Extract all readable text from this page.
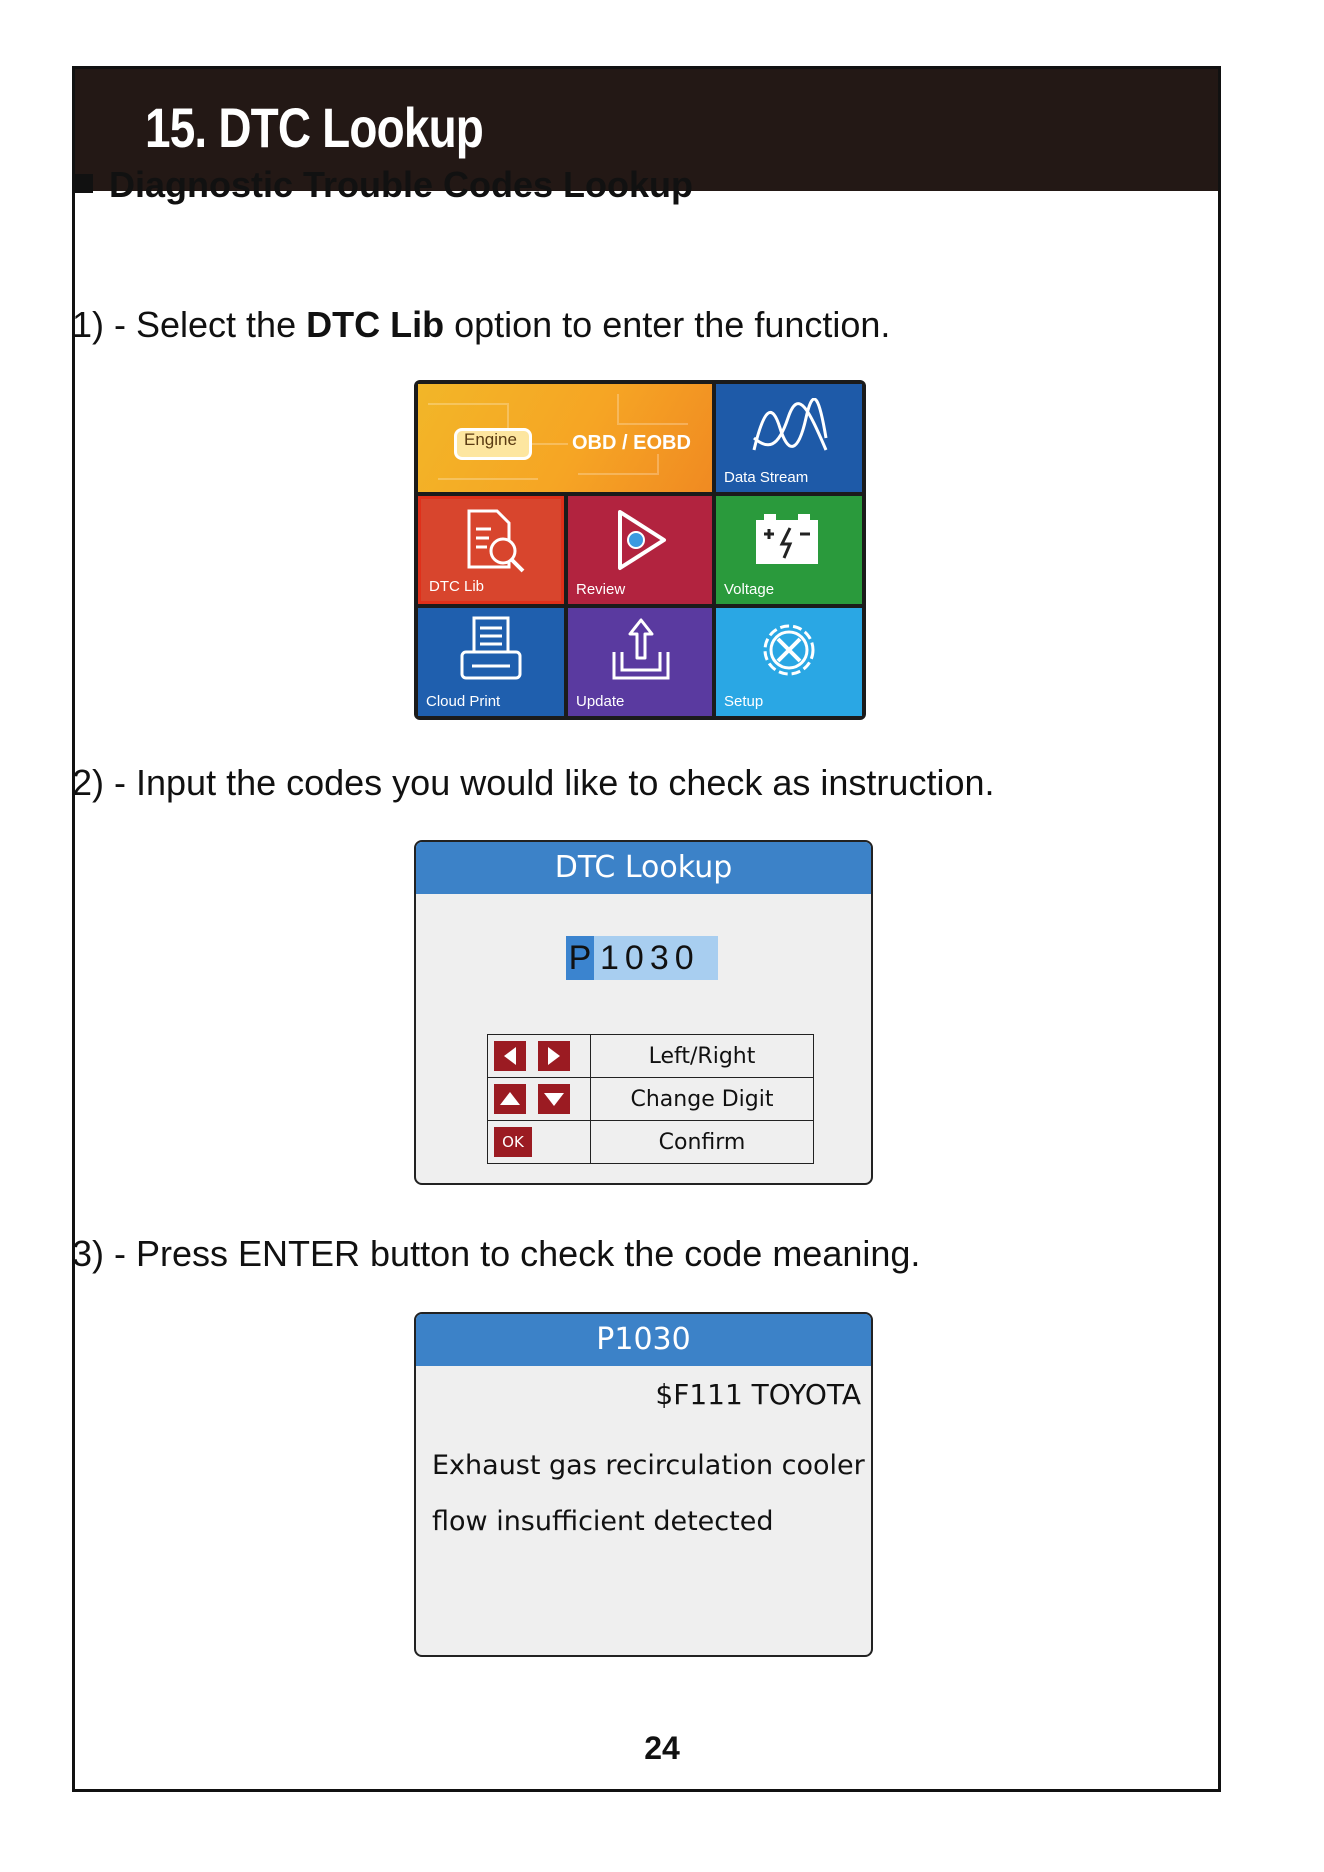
15. DTC Lookup
Diagnostic Trouble Codes Lookup
1) - Select the DTC Lib option to enter the function.
Engine	OBD / EOBD
Data Stream
DTC Lib	Review	Voltage
Cloud Print	Update	Setup
2) - Input the codes you would like to check as instruction.
DTC Lookup
P 1030

	Left/Right

	Change Digit
OK	Confirm
3) - Press ENTER button to check the code meaning.
P1030
$F111 TOYOTA
Exhaust gas recirculation cooler
flow insufficient detected
24
